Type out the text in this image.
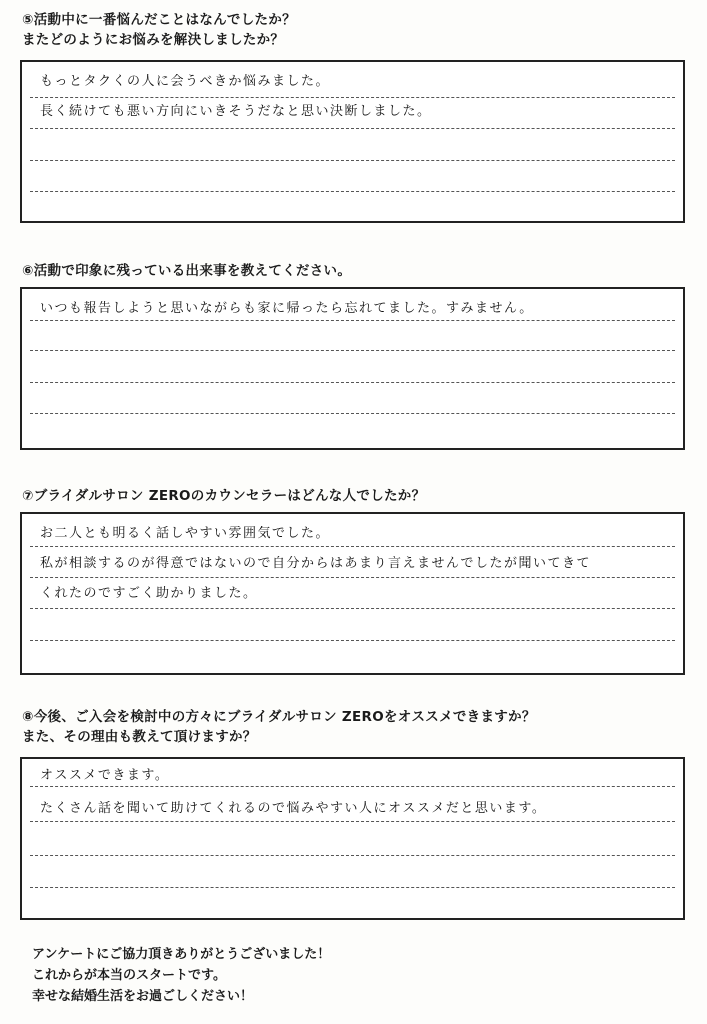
⑤活動中に一番悩んだことはなんでしたか？
またどのようにお悩みを解決しましたか？
もっとタクくの人に会うべきか悩みました。
長く続けても悪い方向にいきそうだなと思い決断しました。
⑥活動で印象に残っている出来事を教えてください。
いつも報告しようと思いながらも家に帰ったら忘れてました。すみません。
⑦ブライダルサロン ZEROのカウンセラーはどんな人でしたか？
お二人とも明るく話しやすい雰囲気でした。
私が相談するのが得意ではないので自分からはあまり言えませんでしたが聞いてきて
くれたのですごく助かりました。
⑧今後、ご入会を検討中の方々にブライダルサロン ZEROをオススメできますか？
また、その理由も教えて頂けますか？
オススメできます。
たくさん話を聞いて助けてくれるので悩みやすい人にオススメだと思います。
アンケートにご協力頂きありがとうございました！
これからが本当のスタートです。
幸せな結婚生活をお過ごしください！
